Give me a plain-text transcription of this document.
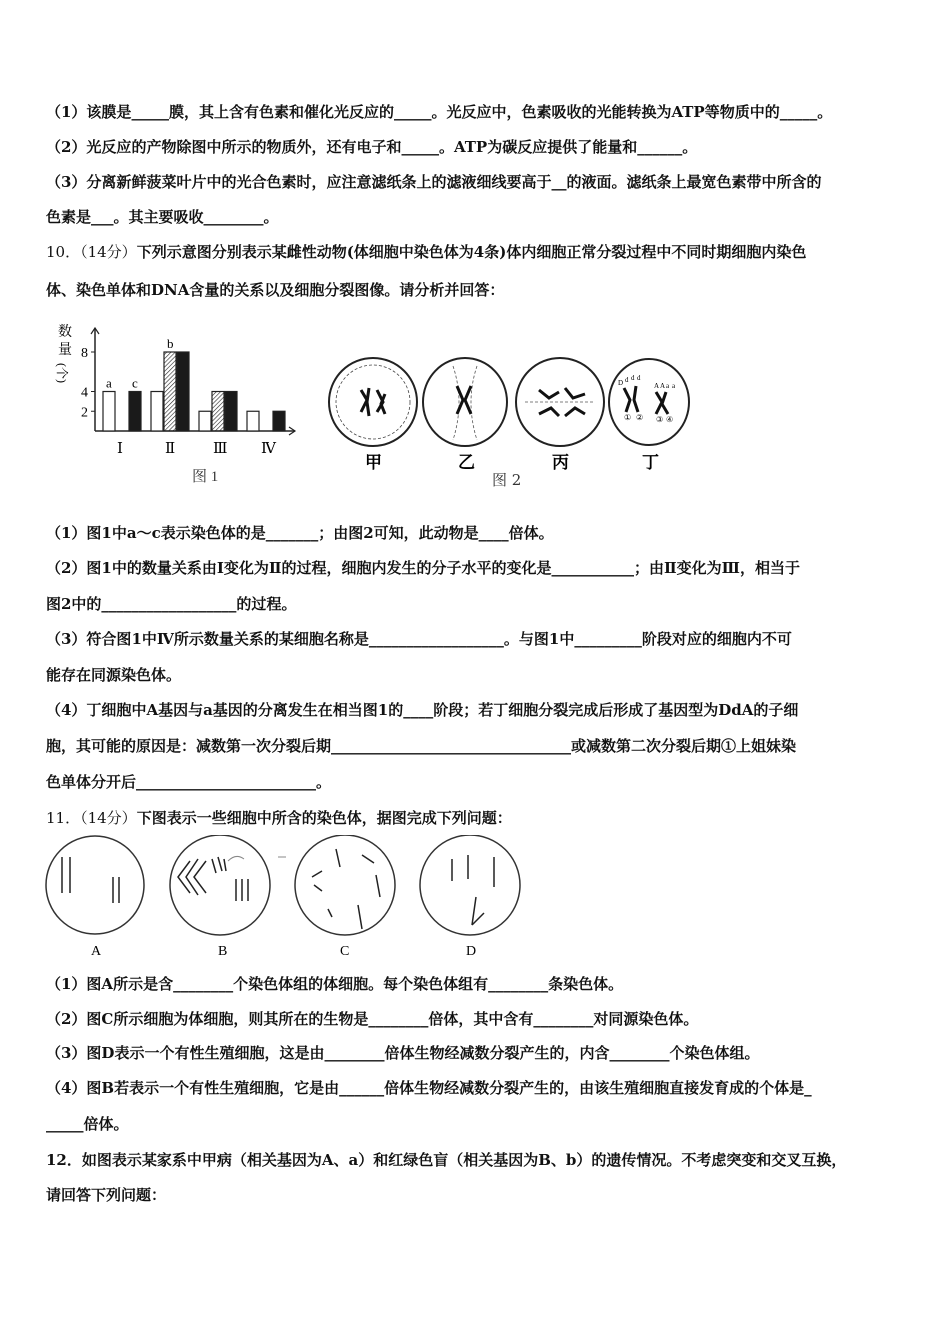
（1）该膜是_____膜，其上含有色素和催化光反应的_____。光反应中，色素吸收的光能转换为ATP等物质中的_____。
（2）光反应的产物除图中所示的物质外，还有电子和_____。ATP为碳反应提供了能量和______。
（3）分离新鲜菠菜叶片中的光合色素时，应注意滤纸条上的滤液细线要高于__的液面。滤纸条上最宽色素带中所含的
色素是___。其主要吸收________。
10．（14分）下列示意图分别表示某雌性动物(体细胞中染色体为4条)体内细胞正常分裂过程中不同时期细胞内染色
体、染色单体和DNA含量的关系以及细胞分裂图像。请分析并回答：
数
量
(个)
2
4
8
a c
Ⅰ
b
Ⅱ	Ⅲ Ⅳ
图 1
甲	乙	丙
D d d d
A A a a
① ② ③ ④
丁
图 2
（1）图1中a～c表示染色体的是_______；由图2可知，此动物是____倍体。
（2）图1中的数量关系由Ⅰ变化为Ⅱ的过程，细胞内发生的分子水平的变化是___________；由Ⅱ变化为Ⅲ，相当于
图2中的__________________的过程。
（3）符合图1中Ⅳ所示数量关系的某细胞名称是__________________。与图1中_________阶段对应的细胞内不可
能存在同源染色体。
（4）丁细胞中A基因与a基因的分离发生在相当图1的____阶段；若丁细胞分裂完成后形成了基因型为DdA的子细
胞，其可能的原因是：减数第一次分裂后期________________________________或减数第二次分裂后期①上姐妹染
色单体分开后________________________。
11．（14分）下图表示一些细胞中所含的染色体，据图完成下列问题：
A	B	C	D
（1）图A所示是含________个染色体组的体细胞。每个染色体组有________条染色体。
（2）图C所示细胞为体细胞，则其所在的生物是________倍体，其中含有________对同源染色体。
（3）图D表示一个有性生殖细胞，这是由________倍体生物经减数分裂产生的，内含________个染色体组。
（4）图B若表示一个有性生殖细胞，它是由______倍体生物经减数分裂产生的，由该生殖细胞直接发育成的个体是_
_____倍体。
12．如图表示某家系中甲病（相关基因为A、a）和红绿色盲（相关基因为B、b）的遗传情况。不考虑突变和交叉互换，
请回答下列问题：
